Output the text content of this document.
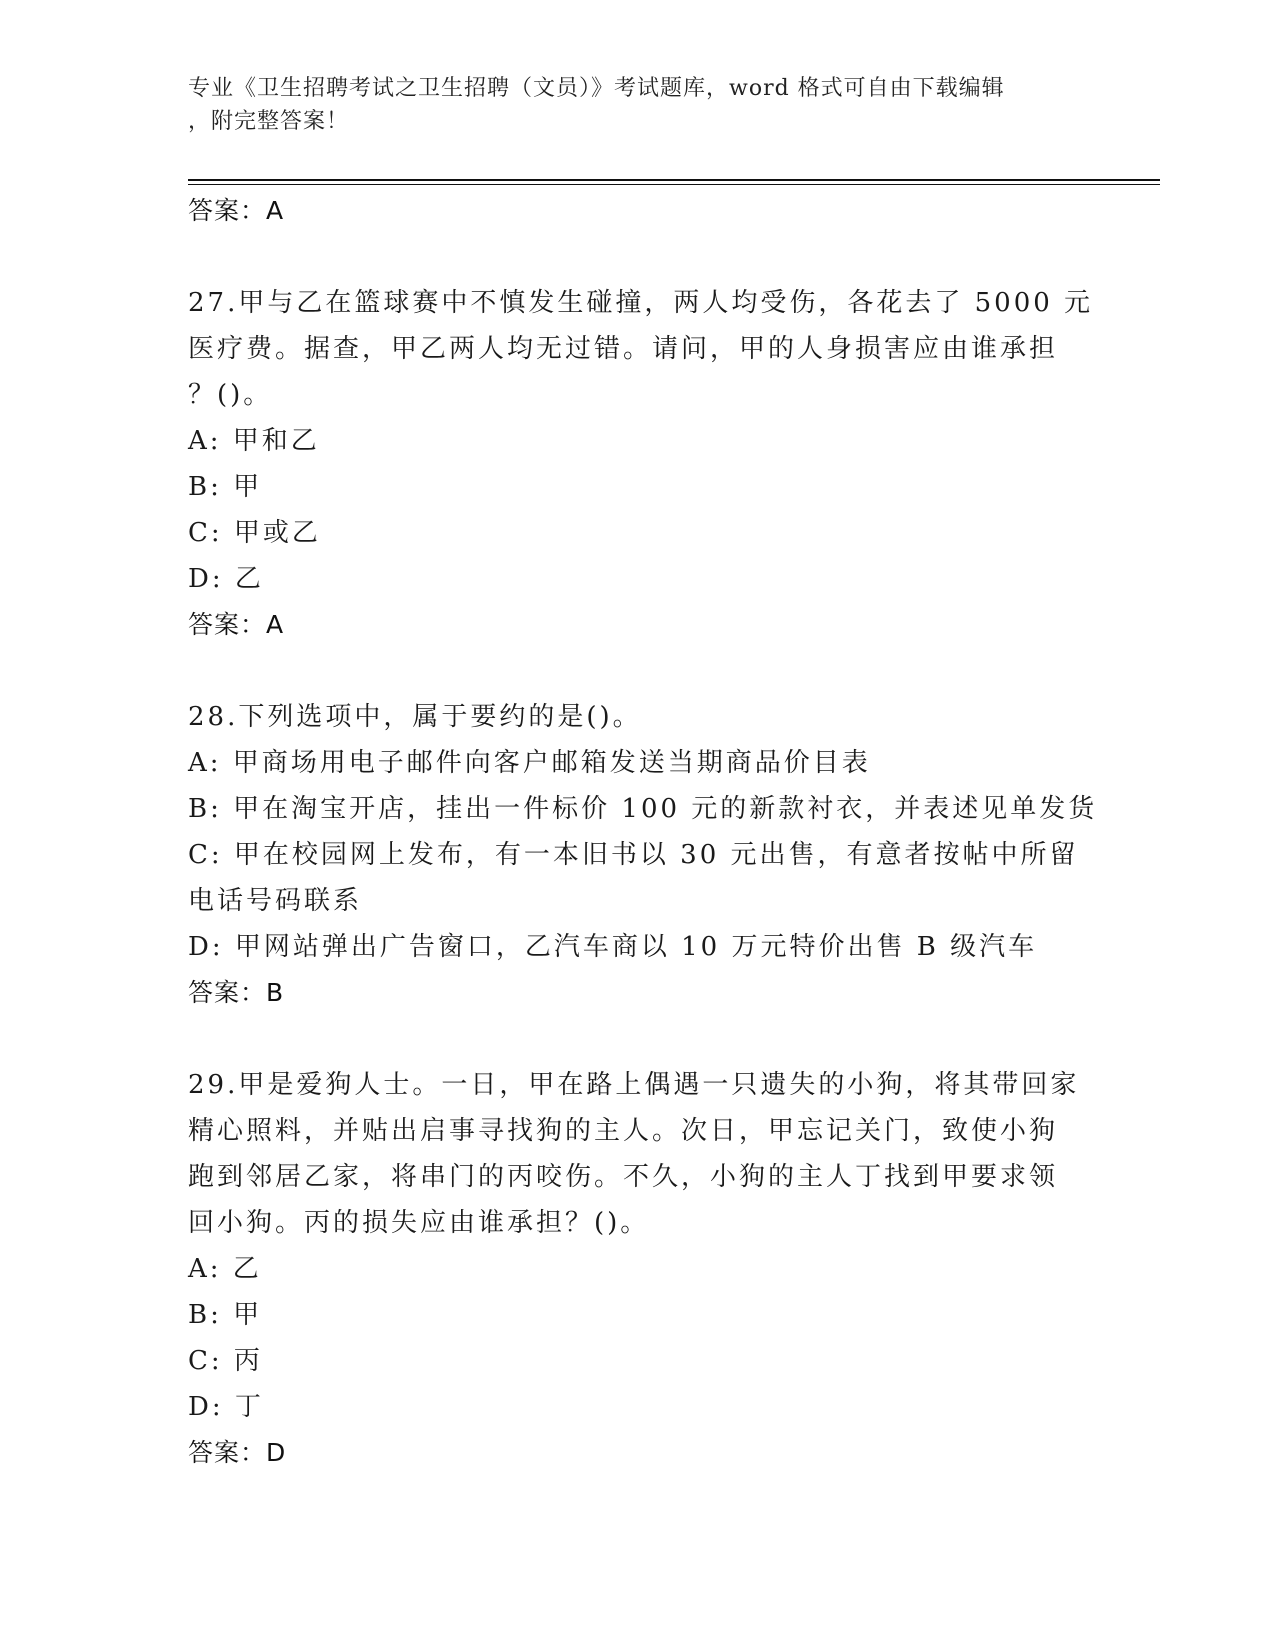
专业《卫生招聘考试之卫生招聘（文员）》考试题库，word 格式可自由下载编辑
，附完整答案！
答案：A
27.甲与乙在篮球赛中不慎发生碰撞，两人均受伤，各花去了 5000 元
医疗费。据查，甲乙两人均无过错。请问，甲的人身损害应由谁承担
？()。
A: 甲和乙
B: 甲
C: 甲或乙
D: 乙
答案：A
28.下列选项中，属于要约的是()。
A: 甲商场用电子邮件向客户邮箱发送当期商品价目表
B: 甲在淘宝开店，挂出一件标价 100 元的新款衬衣，并表述见单发货
C: 甲在校园网上发布，有一本旧书以 30 元出售，有意者按帖中所留
电话号码联系
D: 甲网站弹出广告窗口，乙汽车商以 10 万元特价出售 B 级汽车
答案：B
29.甲是爱狗人士。一日，甲在路上偶遇一只遗失的小狗，将其带回家
精心照料，并贴出启事寻找狗的主人。次日，甲忘记关门，致使小狗
跑到邻居乙家，将串门的丙咬伤。不久，小狗的主人丁找到甲要求领
回小狗。丙的损失应由谁承担？()。
A: 乙
B: 甲
C: 丙
D: 丁
答案：D
